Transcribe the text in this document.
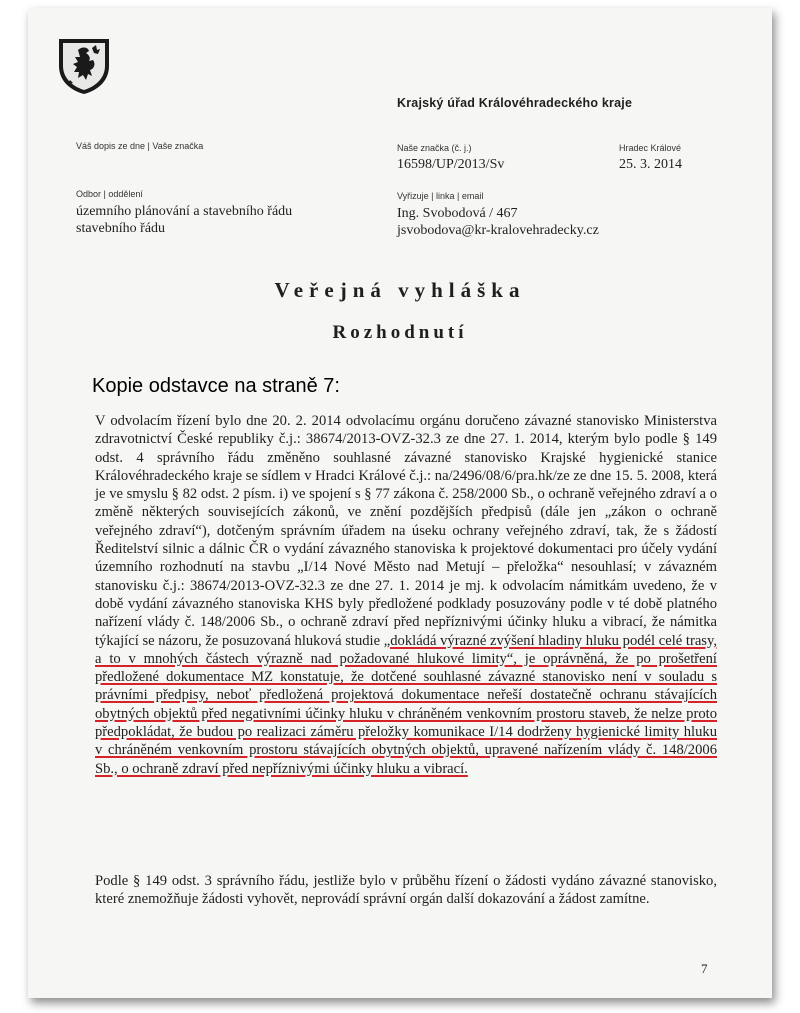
Krajský úřad Královéhradeckého kraje
Váš dopis ze dne | Vaše značka	Naše značka (č. j.)
16598/UP/2013/Sv
Hradec Králové
25. 3. 2014
Odbor | oddělení
územního plánování a stavebního řádu
stavebního řádu
Vyřizuje | linka | email
Ing. Svobodová / 467
jsvobodova@kr-kralovehradecky.cz
Veřejná vyhláška
Rozhodnutí
Kopie odstavce na straně 7:
V odvolacím řízení bylo dne 20. 2. 2014 odvolacímu orgánu doručeno závazné stanovisko Ministerstva zdravotnictví České republiky č.j.: 38674/2013-OVZ-32.3 ze dne 27. 1. 2014, kterým bylo podle § 149 odst. 4 správního řádu změněno souhlasné závazné stanovisko Krajské hygienické stanice Královéhradeckého kraje se sídlem v Hradci Králové č.j.: na/2496/08/6/pra.hk/ze ze dne 15. 5. 2008, která je ve smyslu § 82 odst. 2 písm. i) ve spojení s § 77 zákona č. 258/2000 Sb., o ochraně veřejného zdraví a o změně některých souvisejících zákonů, ve znění pozdějších předpisů (dále jen „zákon o ochraně veřejného zdraví“), dotčeným správním úřadem na úseku ochrany veřejného zdraví, tak, že s žádostí Ředitelství silnic a dálnic ČR o vydání závazného stanoviska k projektové dokumentaci pro účely vydání územního rozhodnutí na stavbu „I/14 Nové Město nad Metují – přeložka“ nesouhlasí; v závazném stanovisku č.j.: 38674/2013-OVZ-32.3 ze dne 27. 1. 2014 je mj. k odvolacím námitkám uvedeno, že v době vydání závazného stanoviska KHS byly předložené podklady posuzovány podle v té době platného nařízení vlády č. 148/2006 Sb., o ochraně zdraví před nepříznivými účinky hluku a vibrací, že námitka týkající se názoru, že posuzovaná hluková studie „dokládá výrazné zvýšení hladiny hluku podél celé trasy, a to v mnohých částech výrazně nad požadované hlukové limity“, je oprávněná, že po prošetření předložené dokumentace MZ konstatuje, že dotčené souhlasné závazné stanovisko není v souladu s právními předpisy, neboť předložená projektová dokumentace neřeší dostatečně ochranu stávajících obytných objektů před negativními účinky hluku v chráněném venkovním prostoru staveb, že nelze proto předpokládat, že budou po realizaci záměru přeložky komunikace I/14 dodrženy hygienické limity hluku v chráněném venkovním prostoru stávajících obytných objektů, upravené nařízením vlády č. 148/2006 Sb., o ochraně zdraví před nepříznivými účinky hluku a vibrací.
Podle § 149 odst. 3 správního řádu, jestliže bylo v průběhu řízení o žádosti vydáno závazné stanovisko, které znemožňuje žádosti vyhovět, neprovádí správní orgán další dokazování a žádost zamítne.
7
